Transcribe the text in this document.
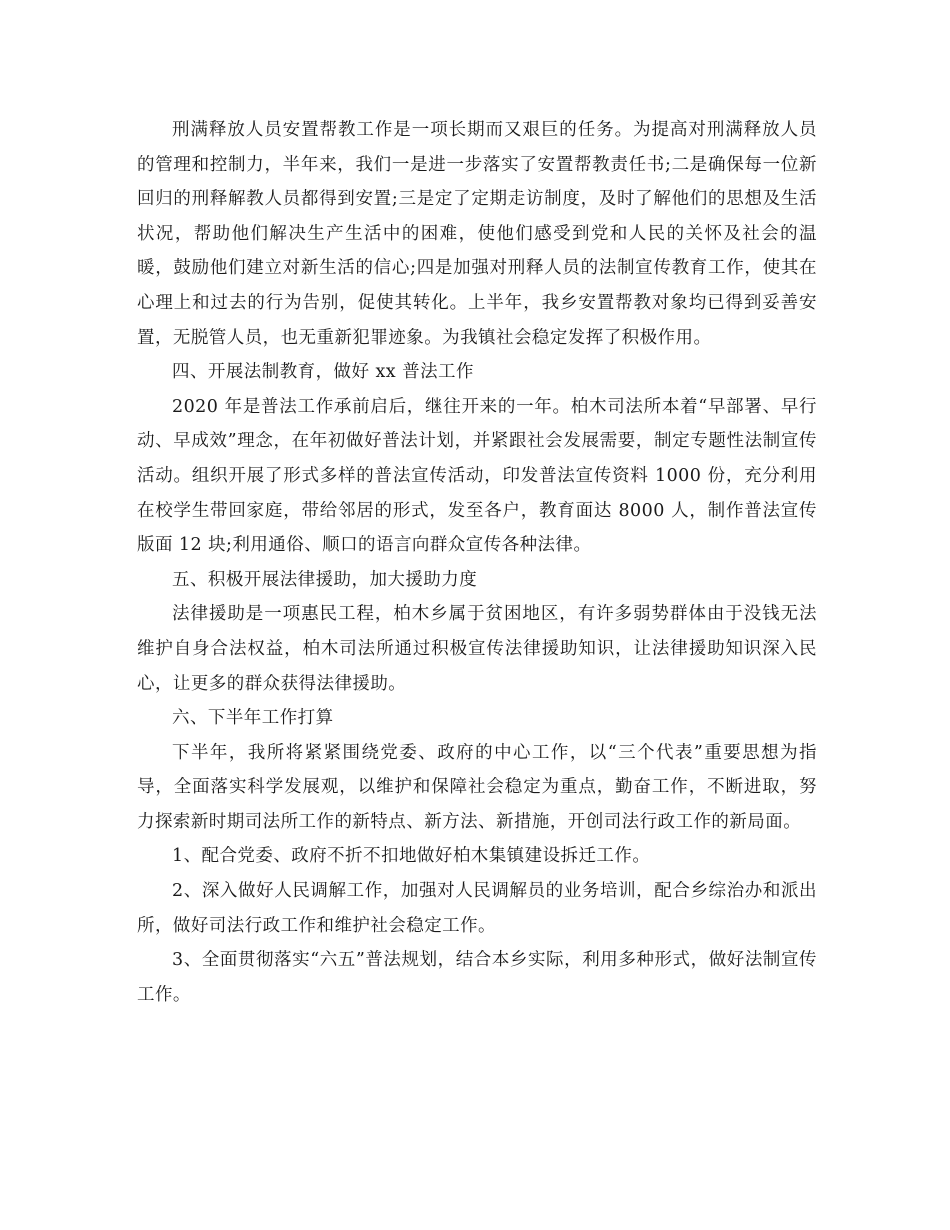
刑满释放人员安置帮教工作是一项长期而又艰巨的任务。为提高对刑满释放人员的管理和控制力，半年来，我们一是进一步落实了安置帮教责任书;二是确保每一位新回归的刑释解教人员都得到安置;三是定了定期走访制度，及时了解他们的思想及生活状况，帮助他们解决生产生活中的困难，使他们感受到党和人民的关怀及社会的温暖，鼓励他们建立对新生活的信心;四是加强对刑释人员的法制宣传教育工作，使其在心理上和过去的行为告别，促使其转化。上半年，我乡安置帮教对象均已得到妥善安置，无脱管人员，也无重新犯罪迹象。为我镇社会稳定发挥了积极作用。

四、开展法制教育，做好 xx 普法工作

2020 年是普法工作承前启后，继往开来的一年。柏木司法所本着“早部署、早行动、早成效”理念，在年初做好普法计划，并紧跟社会发展需要，制定专题性法制宣传活动。组织开展了形式多样的普法宣传活动，印发普法宣传资料 1000 份，充分利用在校学生带回家庭，带给邻居的形式，发至各户，教育面达 8000 人，制作普法宣传版面 12 块;利用通俗、顺口的语言向群众宣传各种法律。

五、积极开展法律援助，加大援助力度

法律援助是一项惠民工程，柏木乡属于贫困地区，有许多弱势群体由于没钱无法维护自身合法权益，柏木司法所通过积极宣传法律援助知识，让法律援助知识深入民心，让更多的群众获得法律援助。

六、下半年工作打算

下半年，我所将紧紧围绕党委、政府的中心工作，以“三个代表”重要思想为指导，全面落实科学发展观，以维护和保障社会稳定为重点，勤奋工作，不断进取，努力探索新时期司法所工作的新特点、新方法、新措施，开创司法行政工作的新局面。

1、配合党委、政府不折不扣地做好柏木集镇建设拆迁工作。

2、深入做好人民调解工作，加强对人民调解员的业务培训，配合乡综治办和派出所，做好司法行政工作和维护社会稳定工作。

3、全面贯彻落实“六五”普法规划，结合本乡实际，利用多种形式，做好法制宣传工作。
